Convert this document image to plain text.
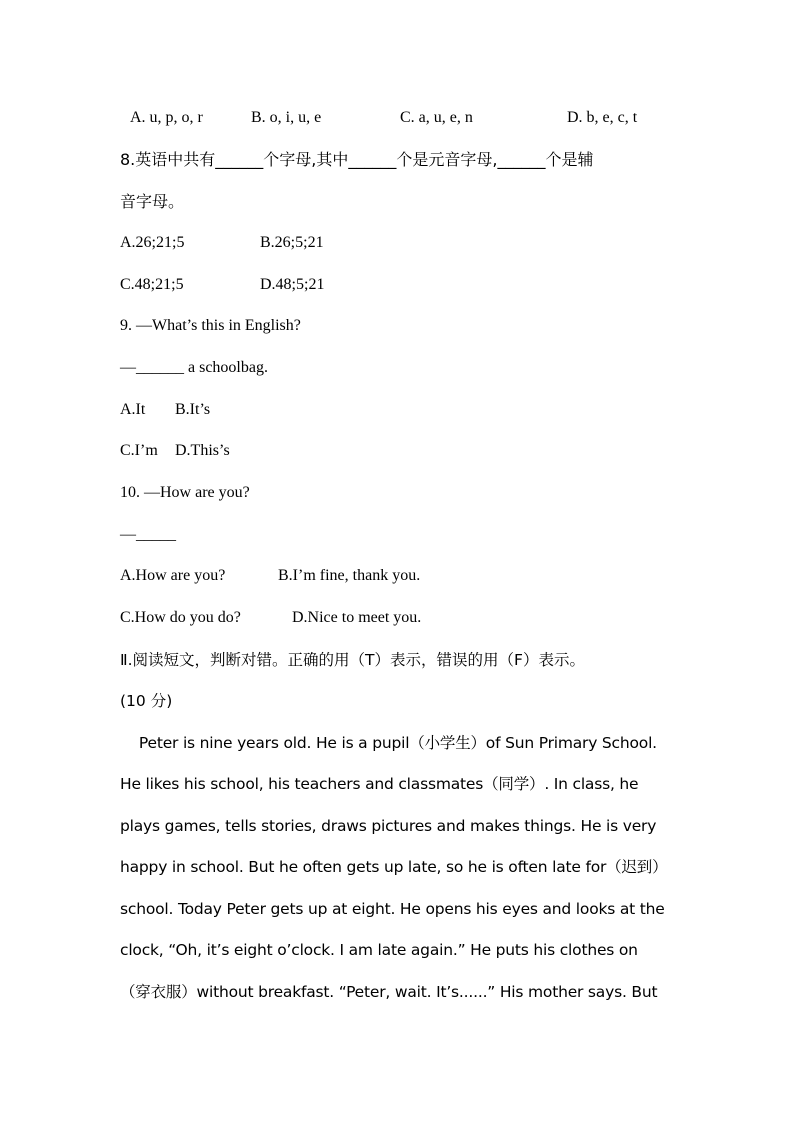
A. u, p, o, r	B. o, i, u, e	C. a, u, e, n	D. b, e, c, t
8.英语中共有______个字母,其中______个是元音字母,______个是辅
音字母。
A.26;21;5	B.26;5;21
C.48;21;5	D.48;5;21
9. —What’s this in English?
—______ a schoolbag.
A.It B.It’s
C.I’m D.This’s
10. —How are you?
—_____
A.How are you?	B.I’m fine, thank you.
C.How do you do?	D.Nice to meet you.
Ⅱ.阅读短文，判断对错。正确的用（T）表示，错误的用（F）表示。
(10 分)
Peter is nine years old. He is a pupil（小学生）of Sun Primary School.
He likes his school, his teachers and classmates（同学）. In class, he
plays games, tells stories, draws pictures and makes things. He is very
happy in school. But he often gets up late, so he is often late for（迟到）
school. Today Peter gets up at eight. He opens his eyes and looks at the
clock, “Oh, it’s eight o’clock. I am late again.” He puts his clothes on
（穿衣服）without breakfast. “Peter, wait. It’s......” His mother says. But
